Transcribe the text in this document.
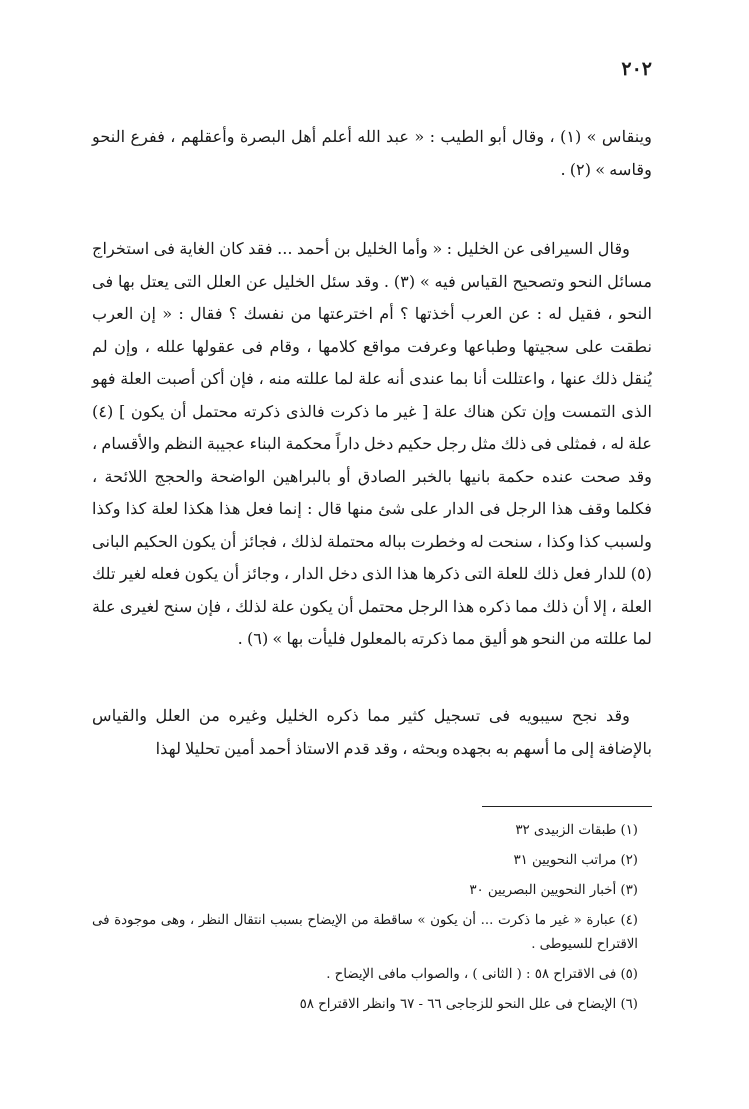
٢٠٢

وينقاس » (١) ، وقال أبو الطيب : « عبد الله أعلم أهل البصرة وأعقلهم ، ففرع النحو وقاسه » (٢) .

وقال السيرافى عن الخليل : « وأما الخليل بن أحمد ... فقد كان الغاية فى استخراج مسائل النحو وتصحيح القياس فيه » (٣) . وقد سئل الخليل عن العلل التى يعتل بها فى النحو ، فقيل له : عن العرب أخذتها ؟ أم اخترعتها من نفسك ؟ فقال : « إن العرب نطقت على سجيتها وطباعها وعرفت مواقع كلامها ، وقام فى عقولها علله ، وإن لم يُنقل ذلك عنها ، واعتللت أنا بما عندى أنه علة لما عللته منه ، فإن أكن أصبت العلة فهو الذى التمست وإن تكن هناك علة [ غير ما ذكرت فالذى ذكرته محتمل أن يكون ] (٤) علة له ، فمثلى فى ذلك مثل رجل حكيم دخل داراً محكمة البناء عجيبة النظم والأقسام ، وقد صحت عنده حكمة بانيها بالخبر الصادق أو بالبراهين الواضحة والحجج اللائحة ، فكلما وقف هذا الرجل فى الدار على شئ منها قال : إنما فعل هذا هكذا لعلة كذا وكذا ولسبب كذا وكذا ، سنحت له وخطرت بباله محتملة لذلك ، فجائز أن يكون الحكيم البانى (٥) للدار فعل ذلك للعلة التى ذكرها هذا الذى دخل الدار ، وجائز أن يكون فعله لغير تلك العلة ، إلا أن ذلك مما ذكره هذا الرجل محتمل أن يكون علة لذلك ، فإن سنح لغيرى علة لما عللته من النحو هو أليق مما ذكرته بالمعلول فليأت بها » (٦) .

وقد نجح سيبويه فى تسجيل كثير مما ذكره الخليل وغيره من العلل والقياس بالإضافة إلى ما أسهم به بجهده وبحثه ، وقد قدم الاستاذ أحمد أمين تحليلا لهذا

(١) طبقات الزبيدى ٣٢

(٢) مراتب النحويين ٣١

(٣) أخبار النحويين البصريين ٣٠

(٤) عبارة « غير ما ذكرت ... أن يكون » ساقطة من الإيضاح بسبب انتقال النظر ، وهى موجودة فى الاقتراح للسيوطى .

(٥) فى الاقتراح ٥٨ : ( الثانى ) ، والصواب مافى الإيضاح .

(٦) الإيضاح فى علل النحو للزجاجى ٦٦ - ٦٧ وانظر الاقتراح ٥٨
